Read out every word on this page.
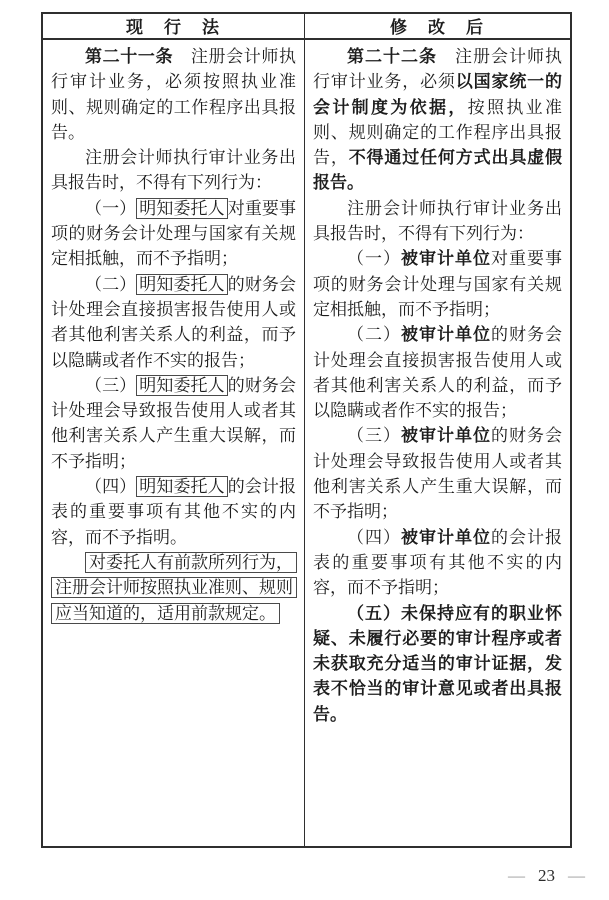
现　行　法	修　改　后

第二十一条　注册会计师执行审计业务，必须按照执业准则、规则确定的工作程序出具报告。

注册会计师执行审计业务出具报告时，不得有下列行为：

（一） 明知委托人 对重要事项的财务会计处理与国家有关规定相抵触，而不予指明；

（二） 明知委托人 的财务会计处理会直接损害报告使用人或者其他利害关系人的利益，而予以隐瞒或者作不实的报告；

（三） 明知委托人 的财务会计处理会导致报告使用人或者其他利害关系人产生重大误解，而不予指明；

（四） 明知委托人 的会计报表的重要事项有其他不实的内容，而不予指明。

对委托人有前款所列行为，注册会计师按照执业准则、规则应当知道的，适用前款规定。

第二十二条　注册会计师执行审计业务，必须以国家统一的会计制度为依据，按照执业准则、规则确定的工作程序出具报告，不得通过任何方式出具虚假报告。

注册会计师执行审计业务出具报告时，不得有下列行为：

（一）被审计单位对重要事项的财务会计处理与国家有关规定相抵触，而不予指明；

（二）被审计单位的财务会计处理会直接损害报告使用人或者其他利害关系人的利益，而予以隐瞒或者作不实的报告；

（三）被审计单位的财务会计处理会导致报告使用人或者其他利害关系人产生重大误解，而不予指明；

（四）被审计单位的会计报表的重要事项有其他不实的内容，而不予指明；

（五）未保持应有的职业怀疑、未履行必要的审计程序或者未获取充分适当的审计证据，发表不恰当的审计意见或者出具报告。

— 23 —
